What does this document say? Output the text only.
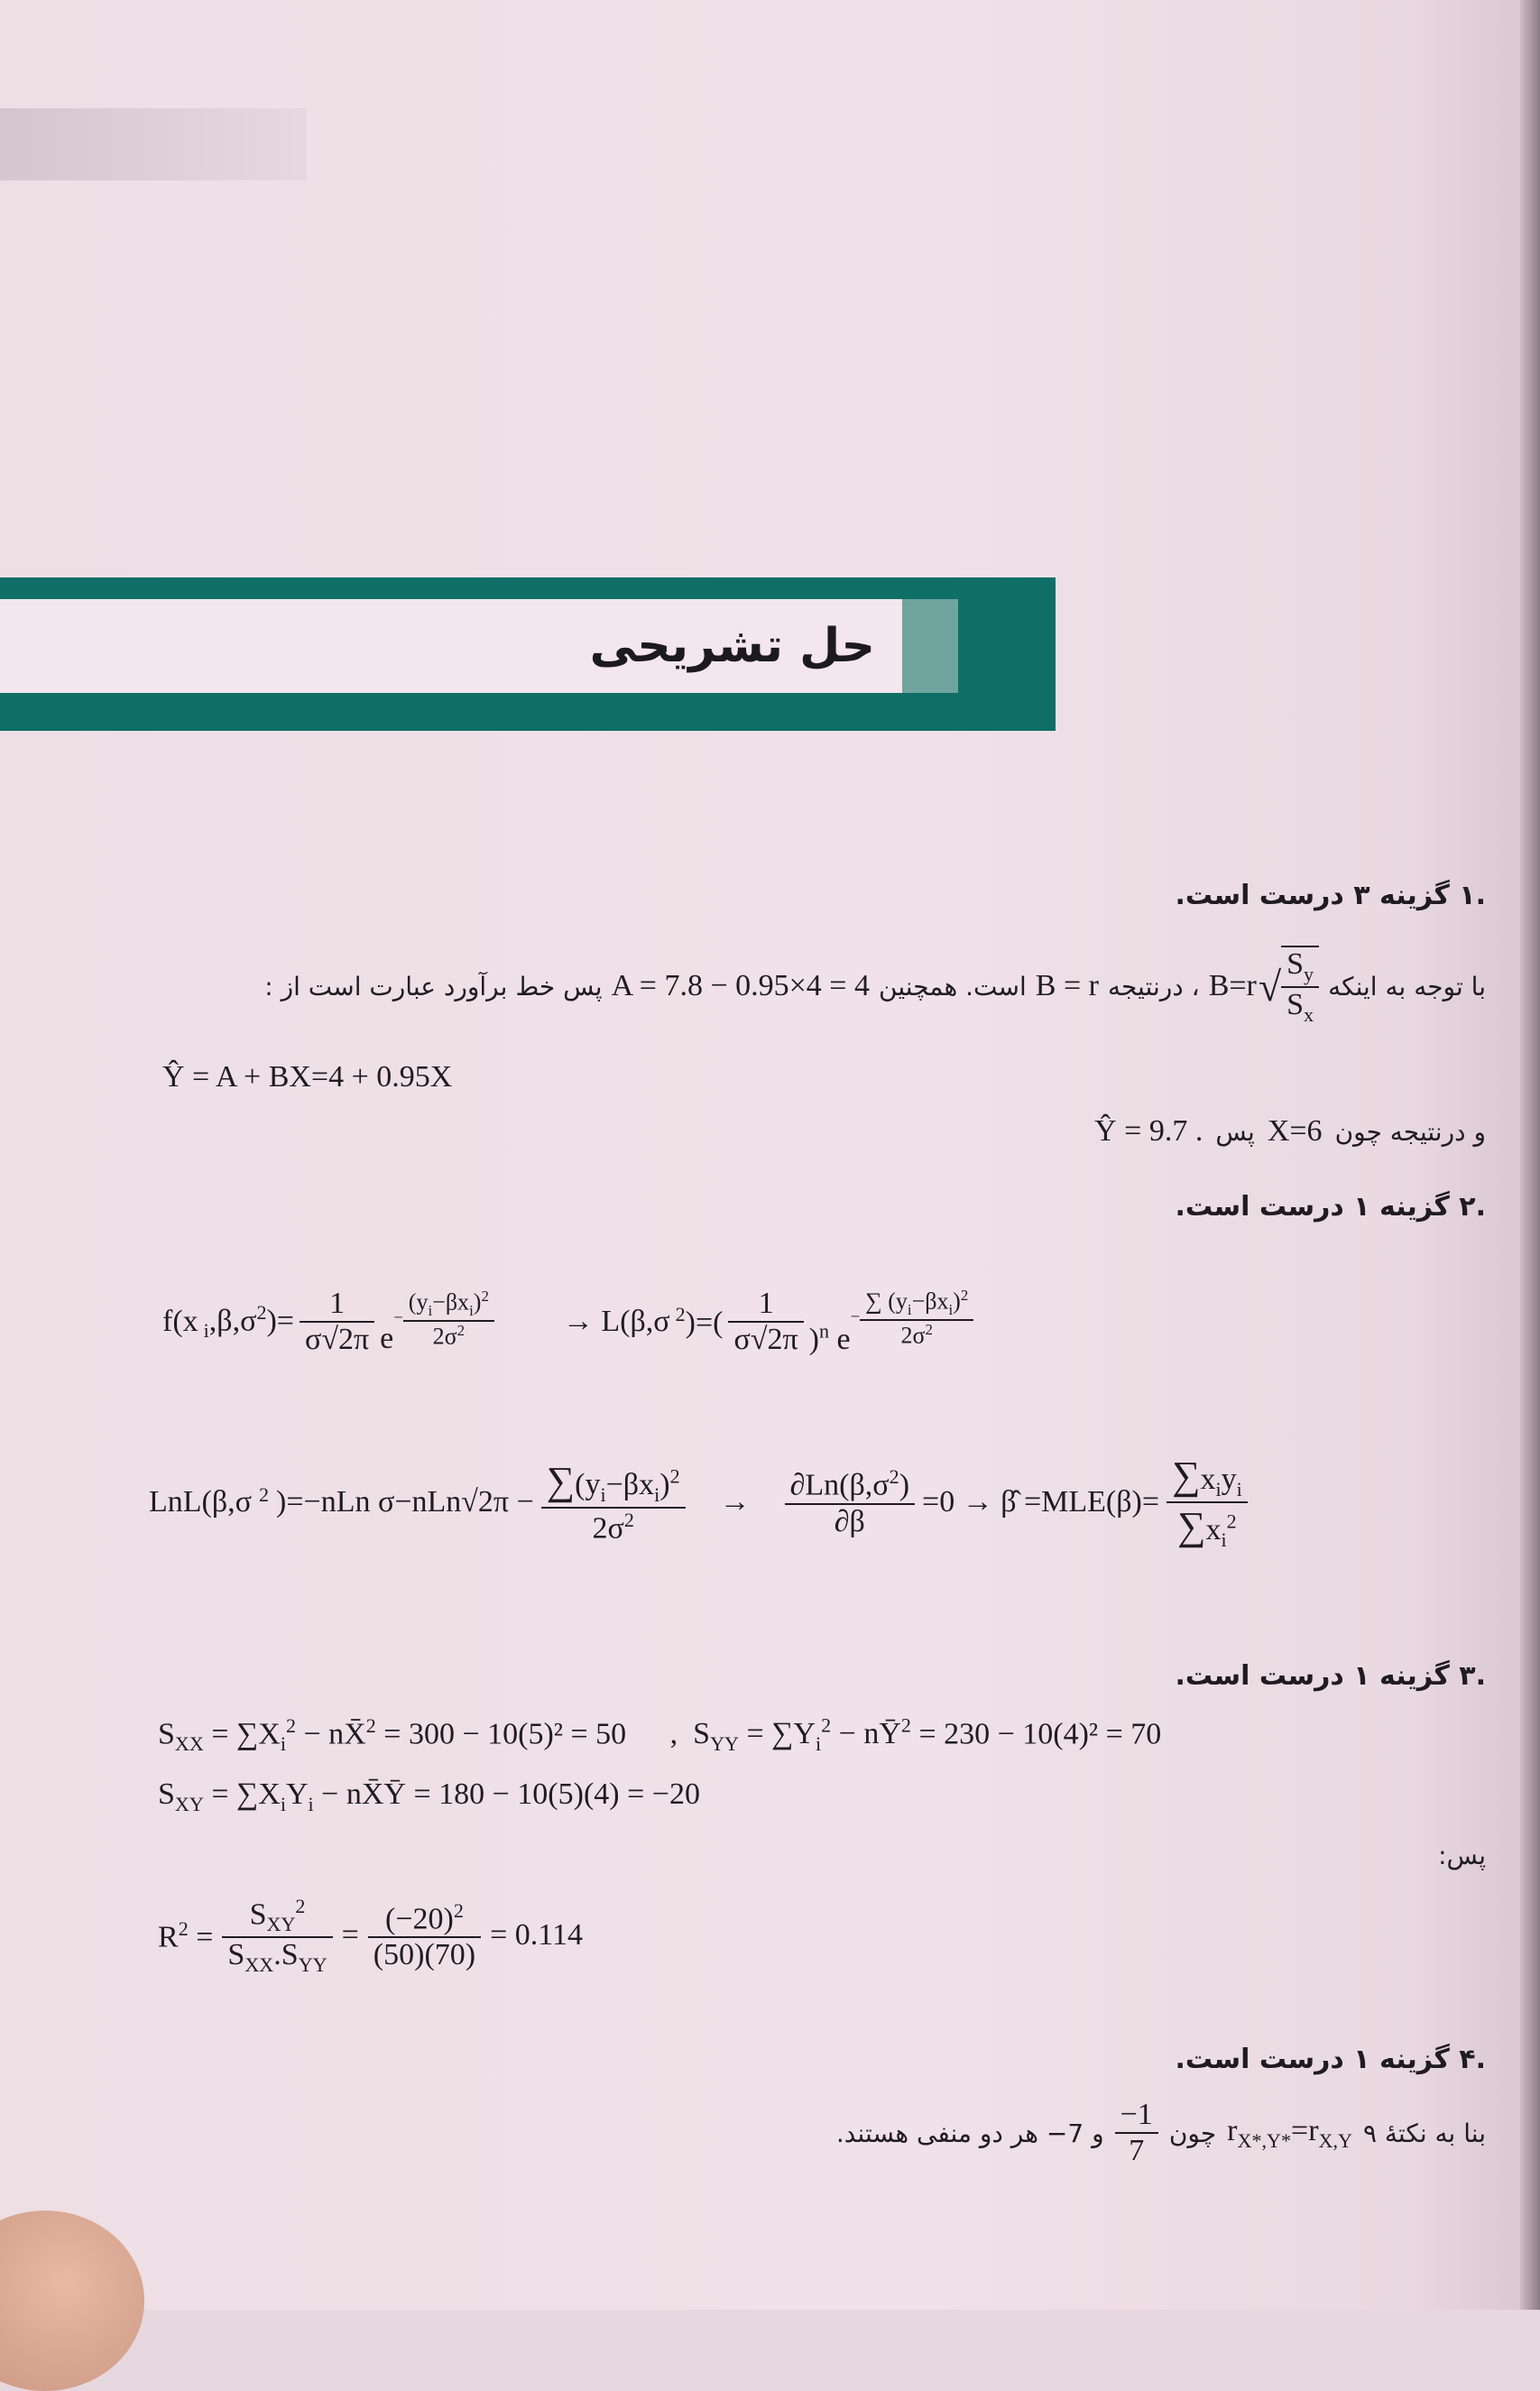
حل تشریحی
.۱ گزینه ۳ درست است.
با توجه به اینکه
B=r √ $\frac{S_y}{S_x}$
، درنتیجه
B = r
است. همچنین
A = 7.8 − 0.95×4 = 4
پس خط برآورد عبارت است از :
Ŷ = A + BX=4 + 0.95X
و درنتیجه چون
X=6
پس
Ŷ = 9.7 .
.۲ گزینه ۱ درست است.
f(x $_i,\beta,\sigma^2)= \frac{1}{\sigma√2\pi} e^{- \frac{(y_i-\beta x_i)^2}{2\sigma^2}} \to L(\beta,\sigma$ $^2)=( \frac{1}{\sigma√2\pi} )^n$ $e^{- \frac{\sum (y_i-\beta x_i)^2}{2\sigma^2}}$
LnL(β,σ $^2$ )=−nLn $\sigma-nLn√2\pi - \frac{\sum(y_i-\beta x_i)^2}{2\sigma^2} \to \frac{\partial Ln(\beta,\sigma^2)}{\partial\beta} =0$ → β̂ $=MLE(\beta)= \frac{\sum x_iy_i}{\sum x_i^2}$
.۳ گزینه ۱ درست است.
$S_{XX} = \sum X_i^2$ − nX̄$^2$ = 300 − 10(5)² = 50 ,  $S_{YY} = \sum Y_i^2$ − $nȲ^2 = 230 - 10(4)^2 = 70$
$S_{XY} = \sum X_iY_i$ − nX̄Ȳ = 180 − 10(5)(4) = −20
پس:
$R^2 = \frac{S_{XY}^2}{S_{XX}.S_{YY}} = \frac{(-20)^2}{(50)(70)} = 0.114$
.۴ گزینه ۱ درست است.
بنا به نکتهٔ ۹
$r_{X*,Y*}=r_{X,Y}$
چون
$\frac{-1}{7}$
و 7− هر دو منفی هستند.
